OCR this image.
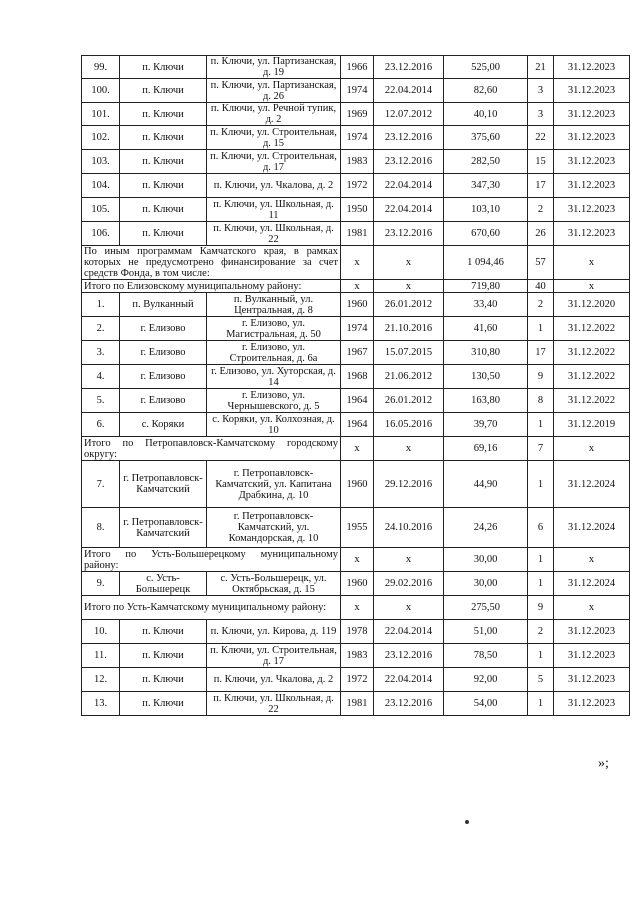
99.	п. Ключи	п. Ключи, ул. Партизанская, д. 19	1966	23.12.2016	525,00	21	31.12.2023
100.	п. Ключи	п. Ключи, ул. Партизанская, д. 26	1974	22.04.2014	82,60	3	31.12.2023
101.	п. Ключи	п. Ключи, ул. Речной тупик, д. 2	1969	12.07.2012	40,10	3	31.12.2023
102.	п. Ключи	п. Ключи, ул. Строительная, д. 15	1974	23.12.2016	375,60	22	31.12.2023
103.	п. Ключи	п. Ключи, ул. Строительная, д. 17	1983	23.12.2016	282,50	15	31.12.2023
104.	п. Ключи	п. Ключи, ул. Чкалова, д. 2	1972	22.04.2014	347,30	17	31.12.2023
105.	п. Ключи	п. Ключи, ул. Школьная, д. 11	1950	22.04.2014	103,10	2	31.12.2023
106.	п. Ключи	п. Ключи, ул. Школьная, д. 22	1981	23.12.2016	670,60	26	31.12.2023
По иным программам Камчатского края, в рамках которых не предусмотрено финансирование за счет средств Фонда, в том числе:			х	х	1 094,46	57	х
Итого по Елизовскому муниципальному району:			х	х	719,80	40	х
1.	п. Вулканный	п. Вулканный, ул. Центральная, д. 8	1960	26.01.2012	33,40	2	31.12.2020
2.	г. Елизово	г. Елизово, ул. Магистральная, д. 50	1974	21.10.2016	41,60	1	31.12.2022
3.	г. Елизово	г. Елизово, ул. Строительная, д. 6а	1967	15.07.2015	310,80	17	31.12.2022
4.	г. Елизово	г. Елизово, ул. Хуторская, д. 14	1968	21.06.2012	130,50	9	31.12.2022
5.	г. Елизово	г. Елизово, ул. Чернышевского, д. 5	1964	26.01.2012	163,80	8	31.12.2022
6.	с. Коряки	с. Коряки, ул. Колхозная, д. 10	1964	16.05.2016	39,70	1	31.12.2019
Итого по Петропавловск-Камчатскому городскому округу:			х	х	69,16	7	х
7.	г. Петропавловск-Камчатский	г. Петропавловск-Камчатский, ул. Капитана Драбкина, д. 10	1960	29.12.2016	44,90	1	31.12.2024
8.	г. Петропавловск-Камчатский	г. Петропавловск-Камчатский, ул. Командорская, д. 10	1955	24.10.2016	24,26	6	31.12.2024
Итого по Усть-Большерецкому муниципальному району:			х	х	30,00	1	х
9.	с. Усть-Большерецк	с. Усть-Большерецк, ул. Октябрьская, д. 15	1960	29.02.2016	30,00	1	31.12.2024
Итого по Усть-Камчатскому муниципальному району:			х	х	275,50	9	х
10.	п. Ключи	п. Ключи, ул. Кирова, д. 119	1978	22.04.2014	51,00	2	31.12.2023
11.	п. Ключи	п. Ключи, ул. Строительная, д. 17	1983	23.12.2016	78,50	1	31.12.2023
12.	п. Ключи	п. Ключи, ул. Чкалова, д. 2	1972	22.04.2014	92,00	5	31.12.2023
13.	п. Ключи	п. Ключи, ул. Школьная, д. 22	1981	23.12.2016	54,00	1	31.12.2023
»;
